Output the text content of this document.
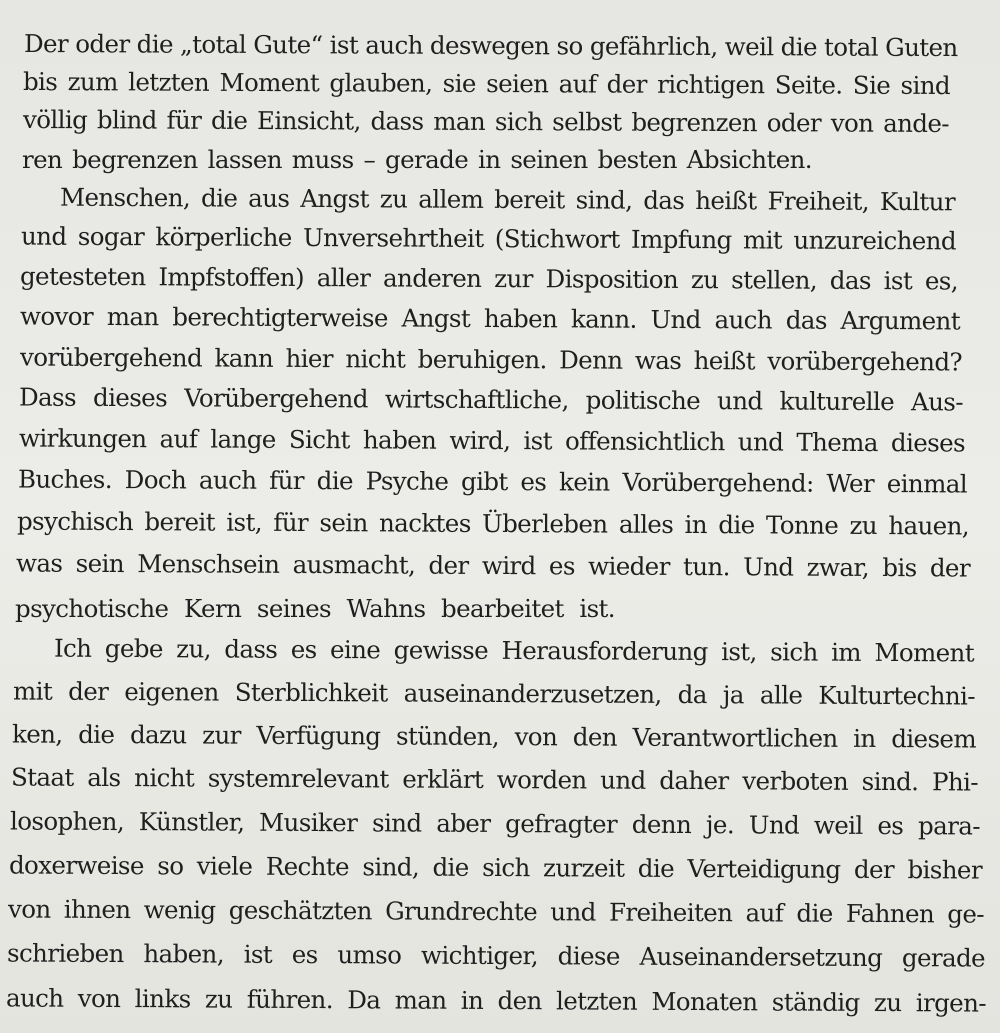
Der oder die „total Gute“ ist auch deswegen so gefährlich, weil die total Guten
bis zum letzten Moment glauben, sie seien auf der richtigen Seite. Sie sind
völlig blind für die Einsicht, dass man sich selbst begrenzen oder von ande-
ren begrenzen lassen muss – gerade in seinen besten Absichten.
Menschen, die aus Angst zu allem bereit sind, das heißt Freiheit, Kultur
und sogar körperliche Unversehrtheit (Stichwort Impfung mit unzureichend
getesteten Impfstoffen) aller anderen zur Disposition zu stellen, das ist es,
wovor man berechtigterweise Angst haben kann. Und auch das Argument
vorübergehend kann hier nicht beruhigen. Denn was heißt vorübergehend?
Dass dieses Vorübergehend wirtschaftliche, politische und kulturelle Aus-
wirkungen auf lange Sicht haben wird, ist offensichtlich und Thema dieses
Buches. Doch auch für die Psyche gibt es kein Vorübergehend: Wer einmal
psychisch bereit ist, für sein nacktes Überleben alles in die Tonne zu hauen,
was sein Menschsein ausmacht, der wird es wieder tun. Und zwar, bis der
psychotische Kern seines Wahns bearbeitet ist.
Ich gebe zu, dass es eine gewisse Herausforderung ist, sich im Moment
mit der eigenen Sterblichkeit auseinanderzusetzen, da ja alle Kulturtechni-
ken, die dazu zur Verfügung stünden, von den Verantwortlichen in diesem
Staat als nicht systemrelevant erklärt worden und daher verboten sind. Phi-
losophen, Künstler, Musiker sind aber gefragter denn je. Und weil es para-
doxerweise so viele Rechte sind, die sich zurzeit die Verteidigung der bisher
von ihnen wenig geschätzten Grundrechte und Freiheiten auf die Fahnen ge-
schrieben haben, ist es umso wichtiger, diese Auseinandersetzung gerade
auch von links zu führen. Da man in den letzten Monaten ständig zu irgen-
